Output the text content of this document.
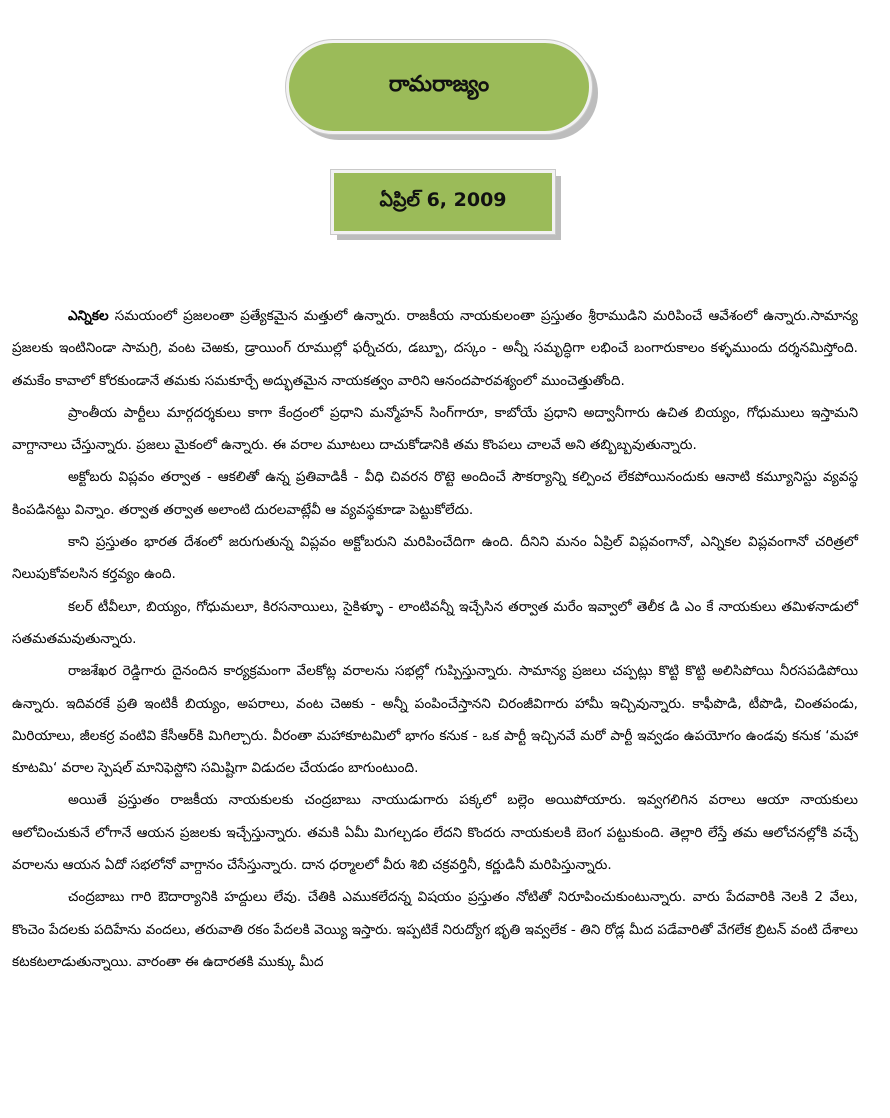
రామరాజ్యం
ఏప్రిల్ 6, 2009

ఎన్నికల సమయంలో ప్రజలంతా ప్రత్యేకమైన మత్తులో ఉన్నారు. రాజకీయ నాయకులంతా ప్రస్తుతం శ్రీరాముడిని మరిపించే ఆవేశంలో ఉన్నారు.సామాన్య ప్రజలకు ఇంటినిండా సామగ్రి, వంట చెఱకు, డ్రాయింగ్ రూముల్లో ఫర్నీచరు, డబ్బూ, దస్కం - అన్నీ సమృద్ధిగా లభించే బంగారుకాలం కళ్ళముందు దర్శనమిస్తోంది. తమకేం కావాలో కోరకుండానే తమకు సమకూర్చే అద్భుతమైన నాయకత్వం వారిని ఆనందపారవశ్యంలో ముంచెత్తుతోంది.

ప్రాంతీయ పార్టీలు మార్గదర్శకులు కాగా కేంద్రంలో ప్రధాని మన్మోహన్ సింగ్‌గారూ, కాబోయే ప్రధాని అద్వానీగారు ఉచిత బియ్యం, గోధుములు ఇస్తామని వాగ్దానాలు చేస్తున్నారు. ప్రజలు మైకంలో ఉన్నారు. ఈ వరాల మూటలు దాచుకోడానికి తమ కొంపలు చాలవే అని తబ్బిబ్బవుతున్నారు.

అక్టోబరు విప్లవం తర్వాత - ఆకలితో ఉన్న ప్రతివాడికీ - వీధి చివరన రొట్టె అందించే సౌకర్యాన్ని కల్పించ లేకపోయినందుకు ఆనాటి కమ్యూనిస్టు వ్యవస్థ కింపడినట్టు విన్నాం. తర్వాత తర్వాత అలాంటి దురలవాట్లేవీ ఆ వ్యవస్థకూడా పెట్టుకోలేదు.

కాని ప్రస్తుతం భారత దేశంలో జరుగుతున్న విప్లవం అక్టోబరుని మరిపించేదిగా ఉంది. దీనిని మనం ఏప్రిల్ విప్లవంగానో, ఎన్నికల విప్లవంగానో చరిత్రలో నిలుపుకోవలసిన కర్తవ్యం ఉంది.

కలర్ టీవీలూ, బియ్యం, గోధుమలూ, కిరసనాయిలు, సైకిళ్ళూ - లాంటివన్నీ ఇచ్చేసిన తర్వాత మరేం ఇవ్వాలో తెలీక డి ఎం కే నాయకులు తమిళనాడులో సతమతమవుతున్నారు.

రాజశేఖర రెడ్డిగారు దైనందిన కార్యక్రమంగా వేలకోట్ల వరాలను సభల్లో గుప్పిస్తున్నారు. సామాన్య ప్రజలు చప్పట్లు కొట్టి కొట్టి అలిసిపోయి నీరసపడిపోయి ఉన్నారు. ఇదివరకే ప్రతి ఇంటికీ బియ్యం, అపరాలు, వంట చెఱకు - అన్నీ పంపించేస్తానని చిరంజీవిగారు హామీ ఇచ్చివున్నారు. కాఫీపొడి, టీపొడి, చింతపండు, మిరియాలు, జీలకర్ర వంటివి కేసీఆర్‌కి మిగిల్చారు. వీరంతా మహాకూటమిలో భాగం కనుక - ఒక పార్టీ ఇచ్చినవే మరో పార్టీ ఇవ్వడం ఉపయోగం ఉండవు కనుక ‘మహా కూటమి‘ వరాల స్పెషల్ మానిఫెస్టోని సమిష్టిగా విడుదల చేయడం బాగుంటుంది.

అయితే ప్రస్తుతం రాజకీయ నాయకులకు చంద్రబాబు నాయుడుగారు పక్కలో బల్లెం అయిపోయారు. ఇవ్వగలిగిన వరాలు ఆయా నాయకులు ఆలోచించుకునే లోగానే ఆయన ప్రజలకు ఇచ్చేస్తున్నారు. తమకి ఏమీ మిగల్చడం లేదని కొందరు నాయకులకి బెంగ పట్టుకుంది. తెల్లారి లేస్తే తమ ఆలోచనల్లోకి వచ్చే వరాలను ఆయన ఏదో సభలోనో వాగ్దానం చేసేస్తున్నారు. దాన ధర్మాలలో వీరు శిబి చక్రవర్తినీ, కర్ణుడినీ మరిపిస్తున్నారు.

చంద్రబాబు గారి ఔదార్యానికి హద్దులు లేవు. చేతికి ఎముకలేదన్న విషయం ప్రస్తుతం నోటితో నిరూపించుకుంటున్నారు. వారు పేదవారికి నెలకి 2 వేలు, కొంచెం పేదలకు పదిహేను వందలు, తరువాతి రకం పేదలకి వెయ్యి ఇస్తారు. ఇప్పటికే నిరుద్యోగ భృతి ఇవ్వలేక - తిని రోడ్ల మీద పడేవారితో వేగలేక బ్రిటన్ వంటి దేశాలు కటకటలాడుతున్నాయి. వారంతా ఈ ఉదారతకి ముక్కు మీద
